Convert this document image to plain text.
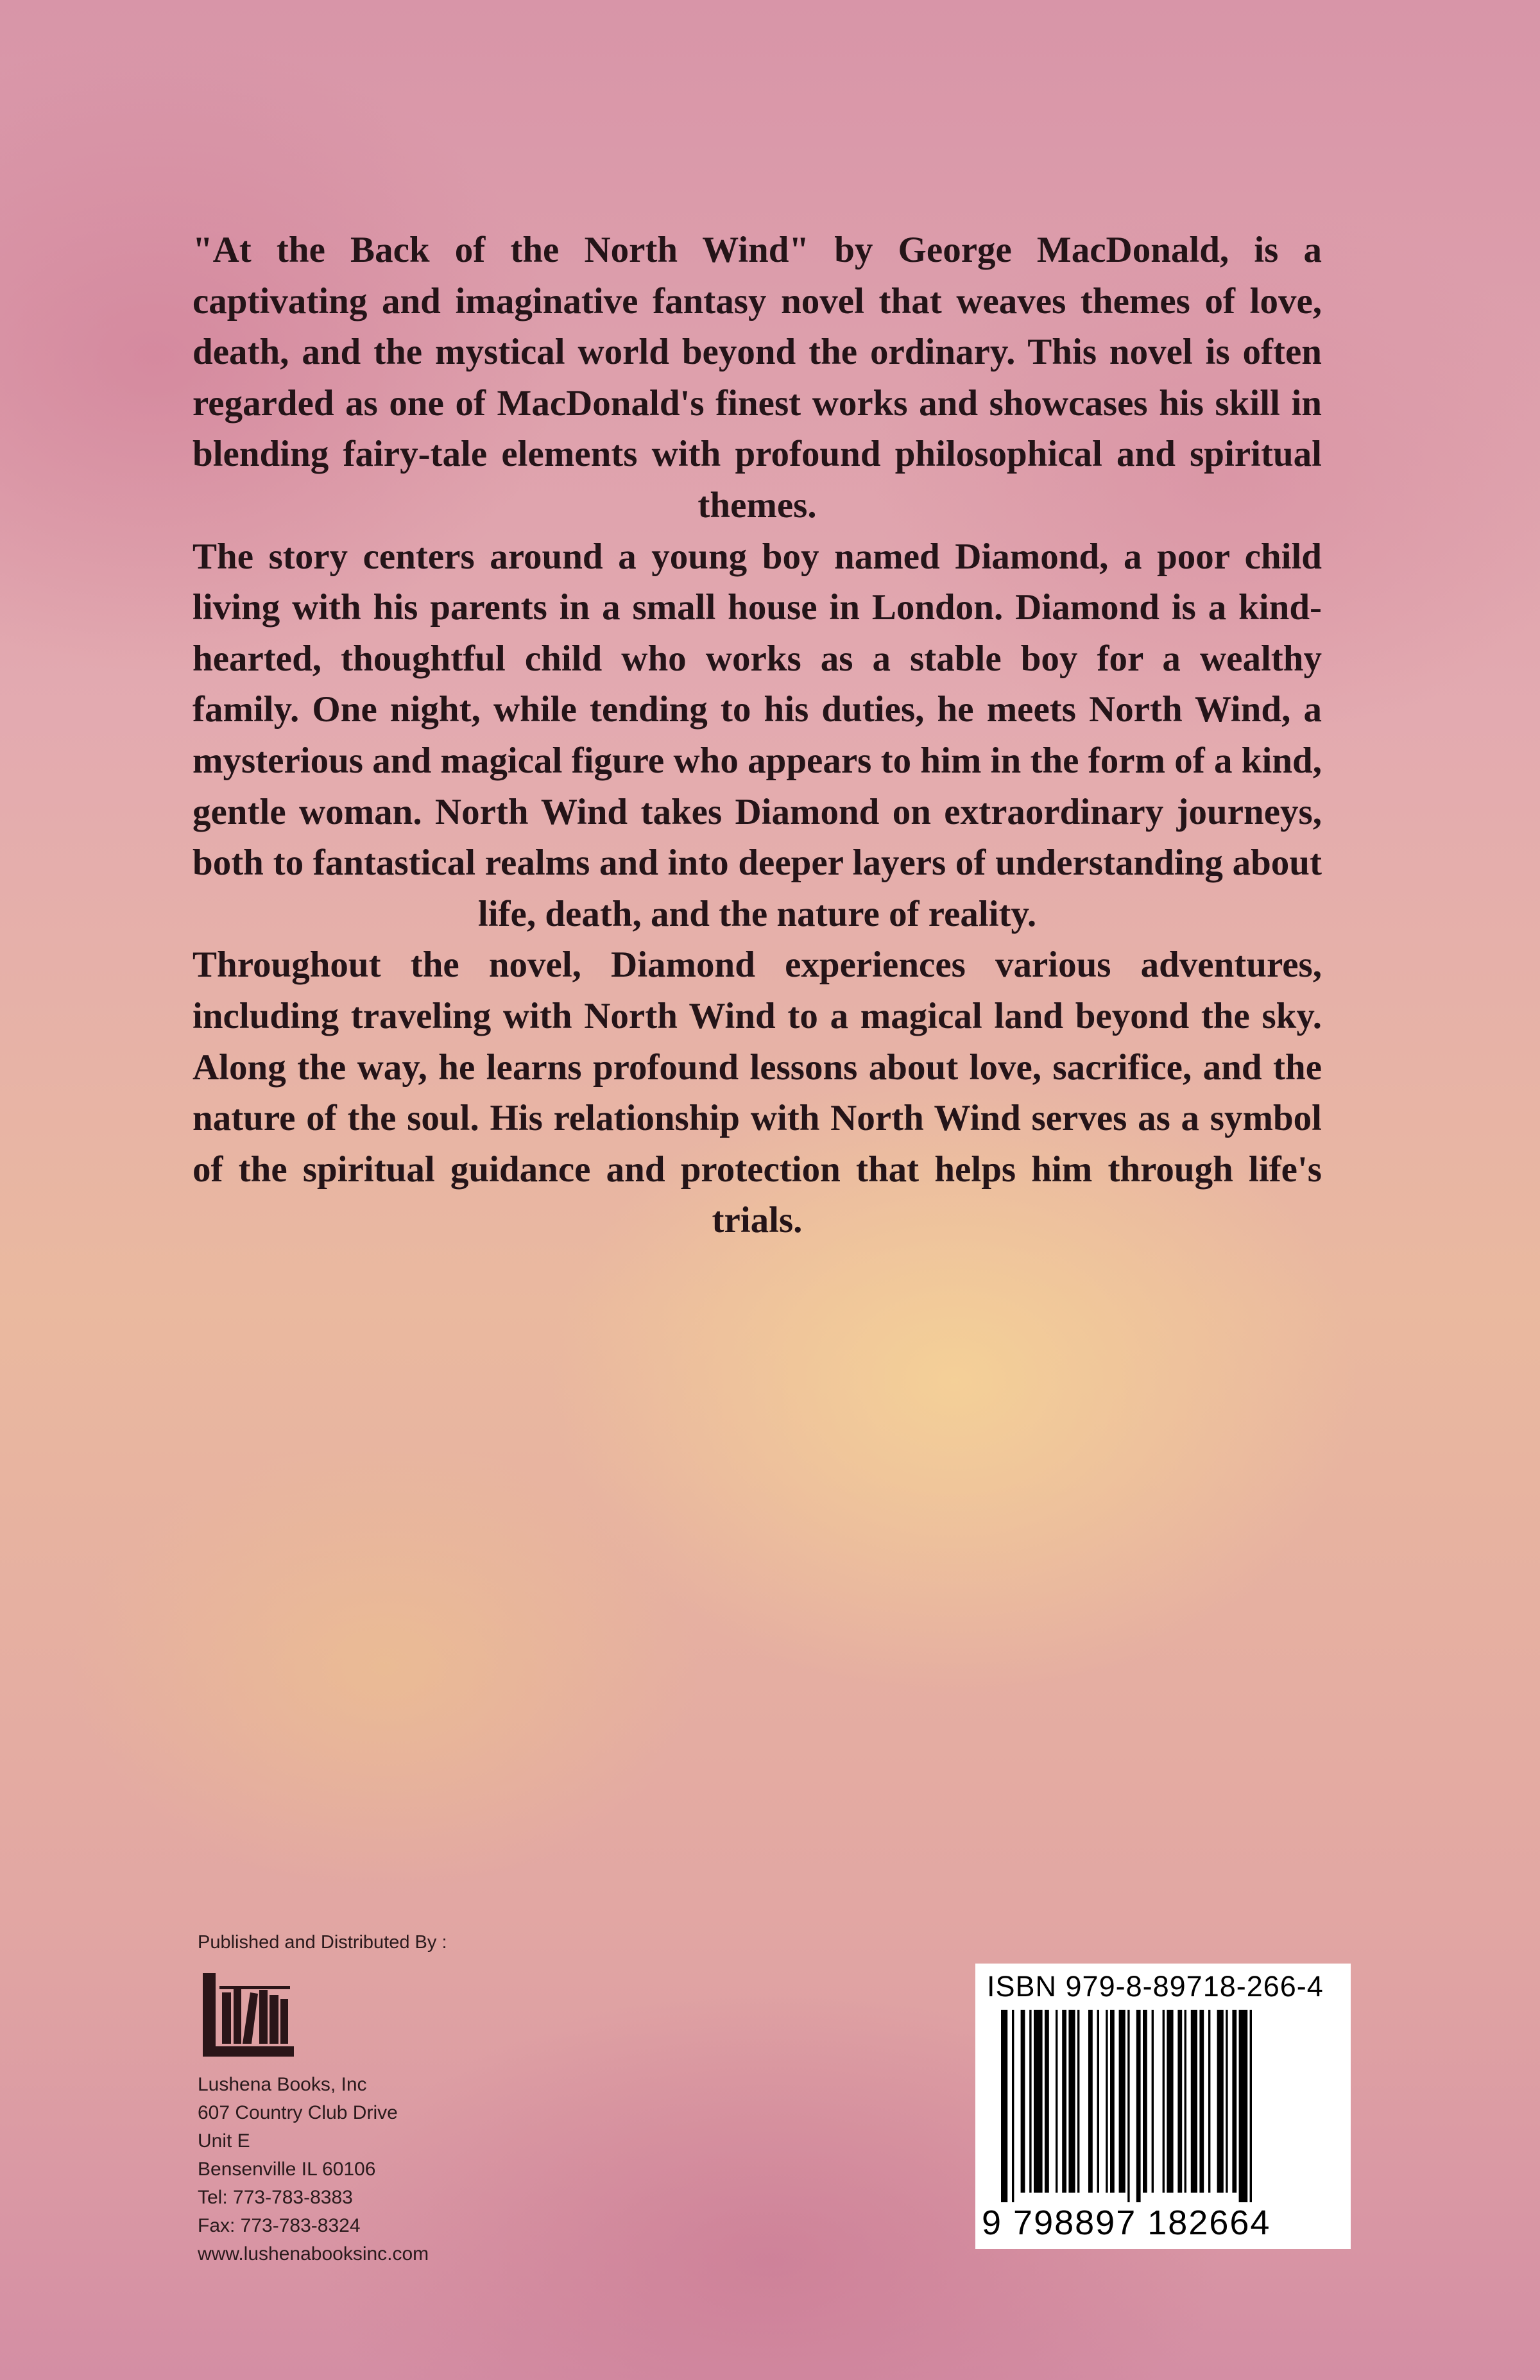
"At the Back of the North Wind" by George MacDonald, is a captivating and imaginative fantasy novel that weaves themes of love, death, and the mystical world beyond the ordinary. This novel is often regarded as one of MacDonald's finest works and showcases his skill in blending fairy-tale elements with profound philosophical and spiritual themes.

The story centers around a young boy named Diamond, a poor child living with his parents in a small house in London. Diamond is a kind-hearted, thoughtful child who works as a stable boy for a wealthy family. One night, while tending to his duties, he meets North Wind, a mysterious and magical figure who appears to him in the form of a kind, gentle woman. North Wind takes Diamond on extraordinary journeys, both to fantastical realms and into deeper layers of understanding about life, death, and the nature of reality.

Throughout the novel, Diamond experiences various adventures, including traveling with North Wind to a magical land beyond the sky. Along the way, he learns profound lessons about love, sacrifice, and the nature of the soul. His relationship with North Wind serves as a symbol of the spiritual guidance and protection that helps him through life's trials.

Published and Distributed By :
Lushena Books, Inc
607 Country Club Drive
Unit E
Bensenville IL 60106
Tel: 773-783-8383
Fax: 773-783-8324
www.lushenabooksinc.com
ISBN 979-8-89718-266-4
9 798897 182664
